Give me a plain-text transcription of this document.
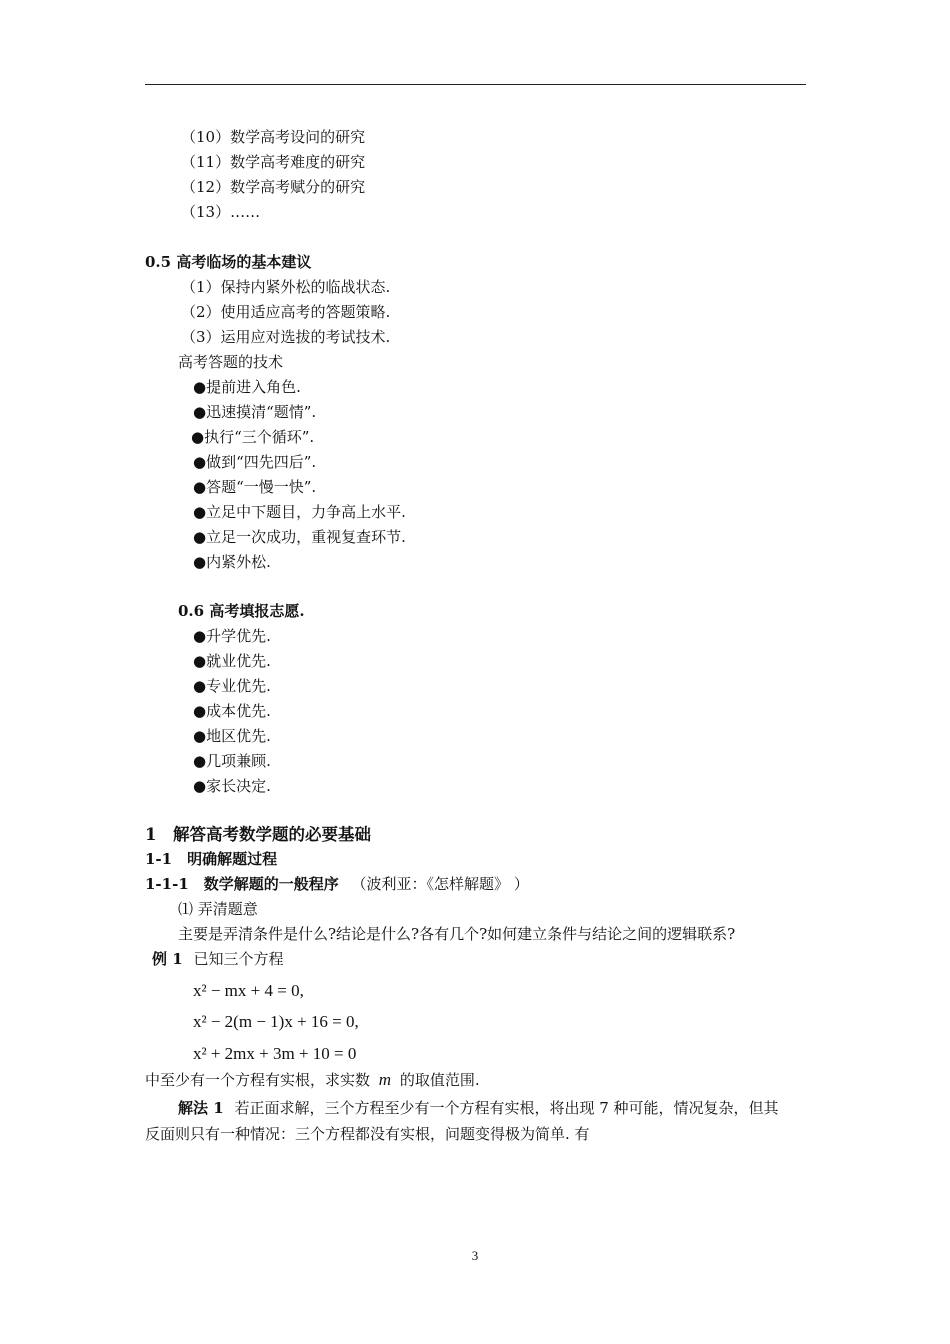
（10）数学高考设问的研究
（11）数学高考难度的研究
（12）数学高考赋分的研究
（13）……
0.5 高考临场的基本建议
（1）保持内紧外松的临战状态.
（2）使用适应高考的答题策略.
（3）运用应对选拔的考试技术.
高考答题的技术
●提前进入角色.
●迅速摸清“题情”.
●执行“三个循环”.
●做到“四先四后”.
●答题“一慢一快”.
●立足中下题目，力争高上水平.
●立足一次成功，重视复查环节.
●内紧外松.
0.6 高考填报志愿.
●升学优先.
●就业优先.
●专业优先.
●成本优先.
●地区优先.
●几项兼顾.
●家长决定.
1　解答高考数学题的必要基础
1-1　明确解题过程
1-1-1　数学解题的一般程序 （波利亚：《怎样解题》 ）
⑴ 弄清题意
主要是弄清条件是什么?结论是什么?各有几个?如何建立条件与结论之间的逻辑联系?
例 1 已知三个方程
x² − mx + 4 = 0,
x² − 2(m − 1)x + 16 = 0,
x² + 2mx + 3m + 10 = 0
中至少有一个方程有实根，求实数 m 的取值范围.
解法 1 若正面求解，三个方程至少有一个方程有实根，将出现 7 种可能，情况复杂，但其
反面则只有一种情况：三个方程都没有实根，问题变得极为简单. 有
3
